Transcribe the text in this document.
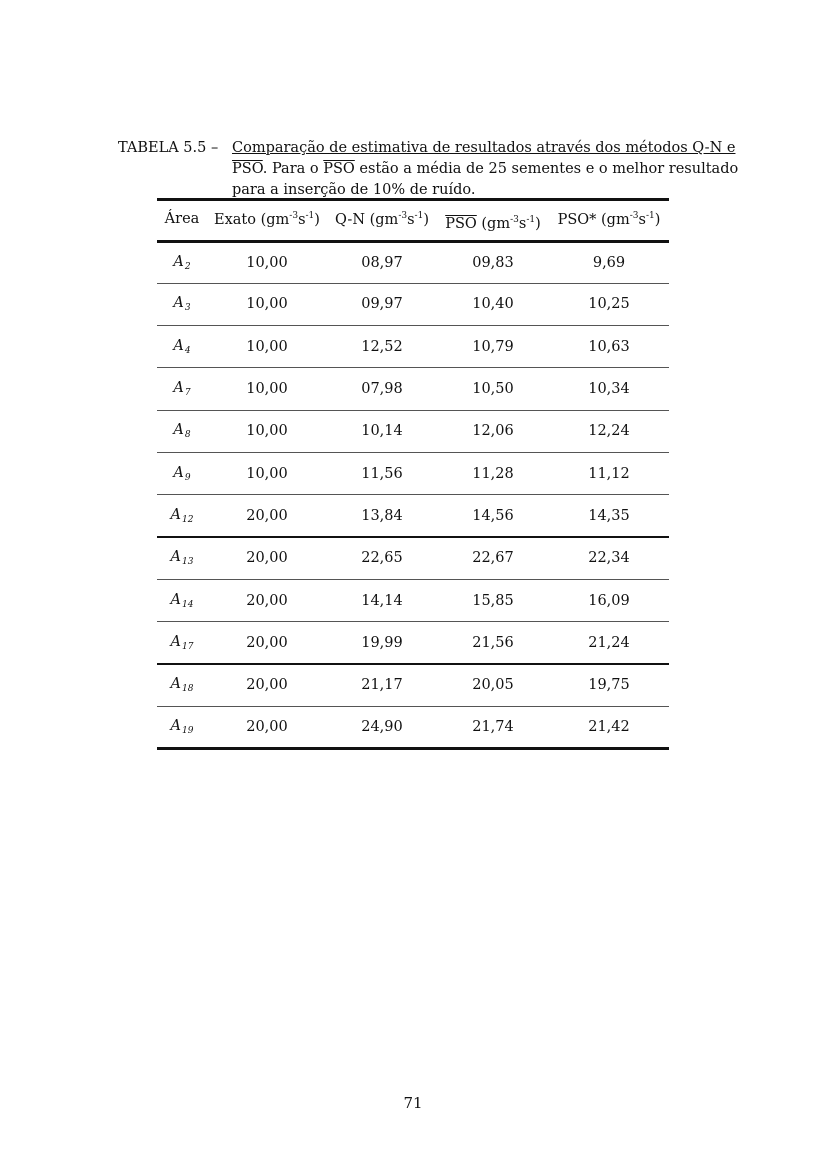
TABELA 5.5 – Comparação de estimativa de resultados através dos métodos Q-N e
$\overline{PSO}$. Para o $\overline{PSO}$ estão a média de 25 sementes e o melhor resultado
para a inserção de 10% de ruído.
Área	Exato $(gm^{-3}s^{-1})$	Q-N $(gm^{-3}s^{-1})$	$\overline{PSO}$ $(gm^{-3}s^{-1})$	PSO* $(gm^{-3}s^{-1})$
$A_2$	10,00	08,97	09,83	9,69
$A_3$	10,00	09,97	10,40	10,25
$A_4$	10,00	12,52	10,79	10,63
$A_7$	10,00	07,98	10,50	10,34
$A_8$	10,00	10,14	12,06	12,24
$A_9$	10,00	11,56	11,28	11,12
$A_{12}$	20,00	13,84	14,56	14,35
$A_{13}$	20,00	22,65	22,67	22,34
$A_{14}$	20,00	14,14	15,85	16,09
$A_{17}$	20,00	19,99	21,56	21,24
$A_{18}$	20,00	21,17	20,05	19,75
$A_{19}$	20,00	24,90	21,74	21,42
71
